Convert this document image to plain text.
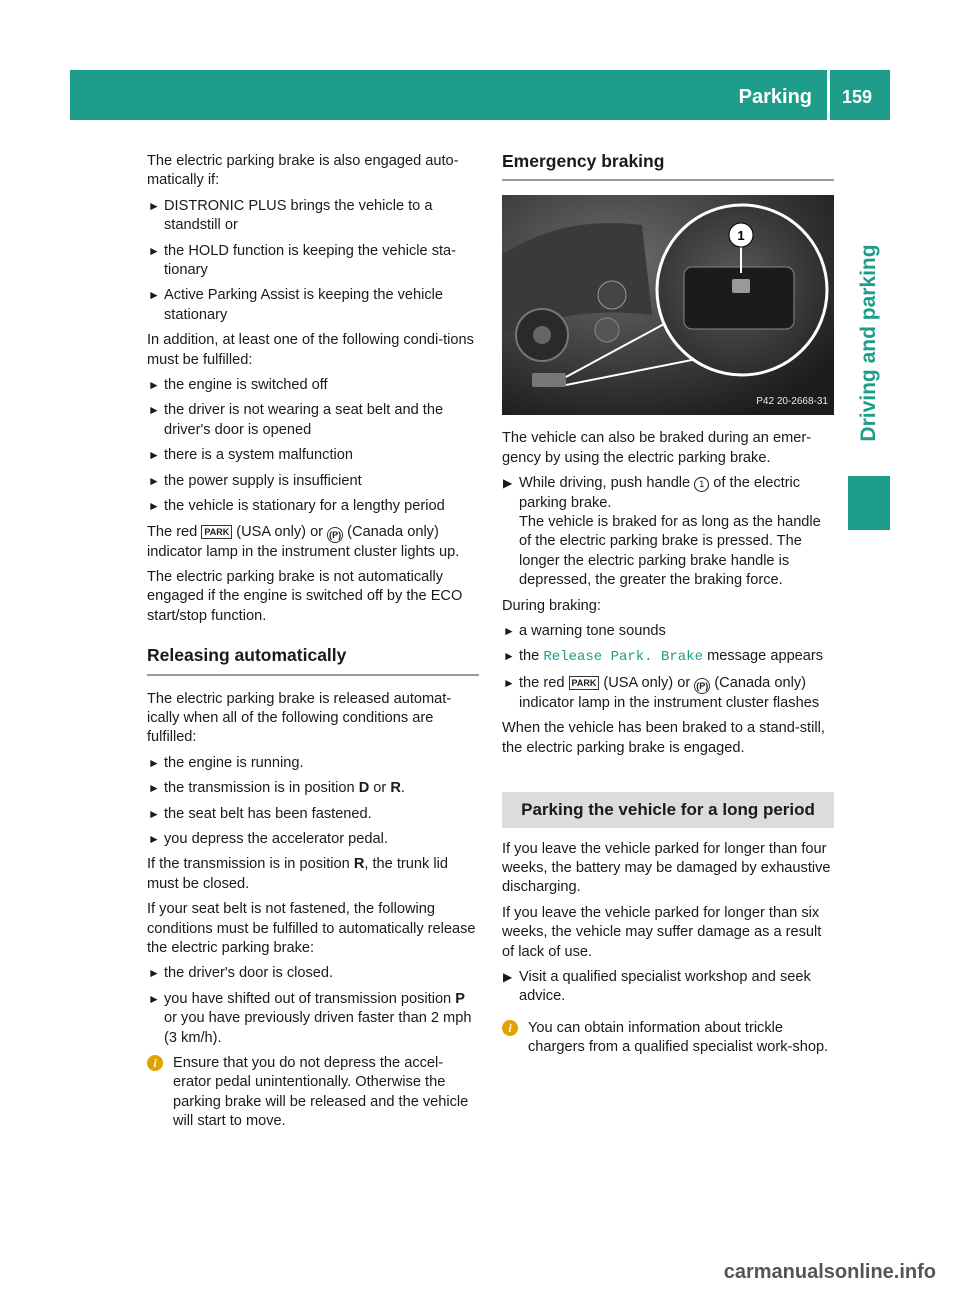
Parking	159
Driving and parking

The electric parking brake is also engaged auto-matically if:

► DISTRONIC PLUS brings the vehicle to a standstill or
► the HOLD function is keeping the vehicle sta-tionary
► Active Parking Assist is keeping the vehicle stationary

In addition, at least one of the following condi-tions must be fulfilled:

► the engine is switched off
► the driver is not wearing a seat belt and the driver's door is opened
► there is a system malfunction
► the power supply is insufficient
► the vehicle is stationary for a lengthy period

The red PARK (USA only) or (P) (Canada only) indicator lamp in the instrument cluster lights up.

The electric parking brake is not automatically engaged if the engine is switched off by the ECO start/stop function.

Releasing automatically

The electric parking brake is released automat-ically when all of the following conditions are fulfilled:

► the engine is running.
► the transmission is in position D or R.
► the seat belt has been fastened.
► you depress the accelerator pedal.

If the transmission is in position R, the trunk lid must be closed.

If your seat belt is not fastened, the following conditions must be fulfilled to automatically release the electric parking brake:

► the driver's door is closed.
► you have shifted out of transmission position P or you have previously driven faster than 2 mph (3 km/h).
i	Ensure that you do not depress the accel-erator pedal unintentionally. Otherwise the parking brake will be released and the vehicle will start to move.
Emergency braking
1
P42 20-2668-31

The vehicle can also be braked during an emer-gency by using the electric parking brake.

▶ While driving, push handle 1 of the electric parking brake.
The vehicle is braked for as long as the handle of the electric parking brake is pressed. The longer the electric parking brake handle is depressed, the greater the braking force.

During braking:

► a warning tone sounds
► the Release Park. Brake message appears
► the red PARK (USA only) or (P) (Canada only) indicator lamp in the instrument cluster flashes

When the vehicle has been braked to a stand-still, the electric parking brake is engaged.

Parking the vehicle for a long period

If you leave the vehicle parked for longer than four weeks, the battery may be damaged by exhaustive discharging.

If you leave the vehicle parked for longer than six weeks, the vehicle may suffer damage as a result of lack of use.

▶ Visit a qualified specialist workshop and seek advice.
i	You can obtain information about trickle chargers from a qualified specialist work-shop.
carmanualsonline.info
